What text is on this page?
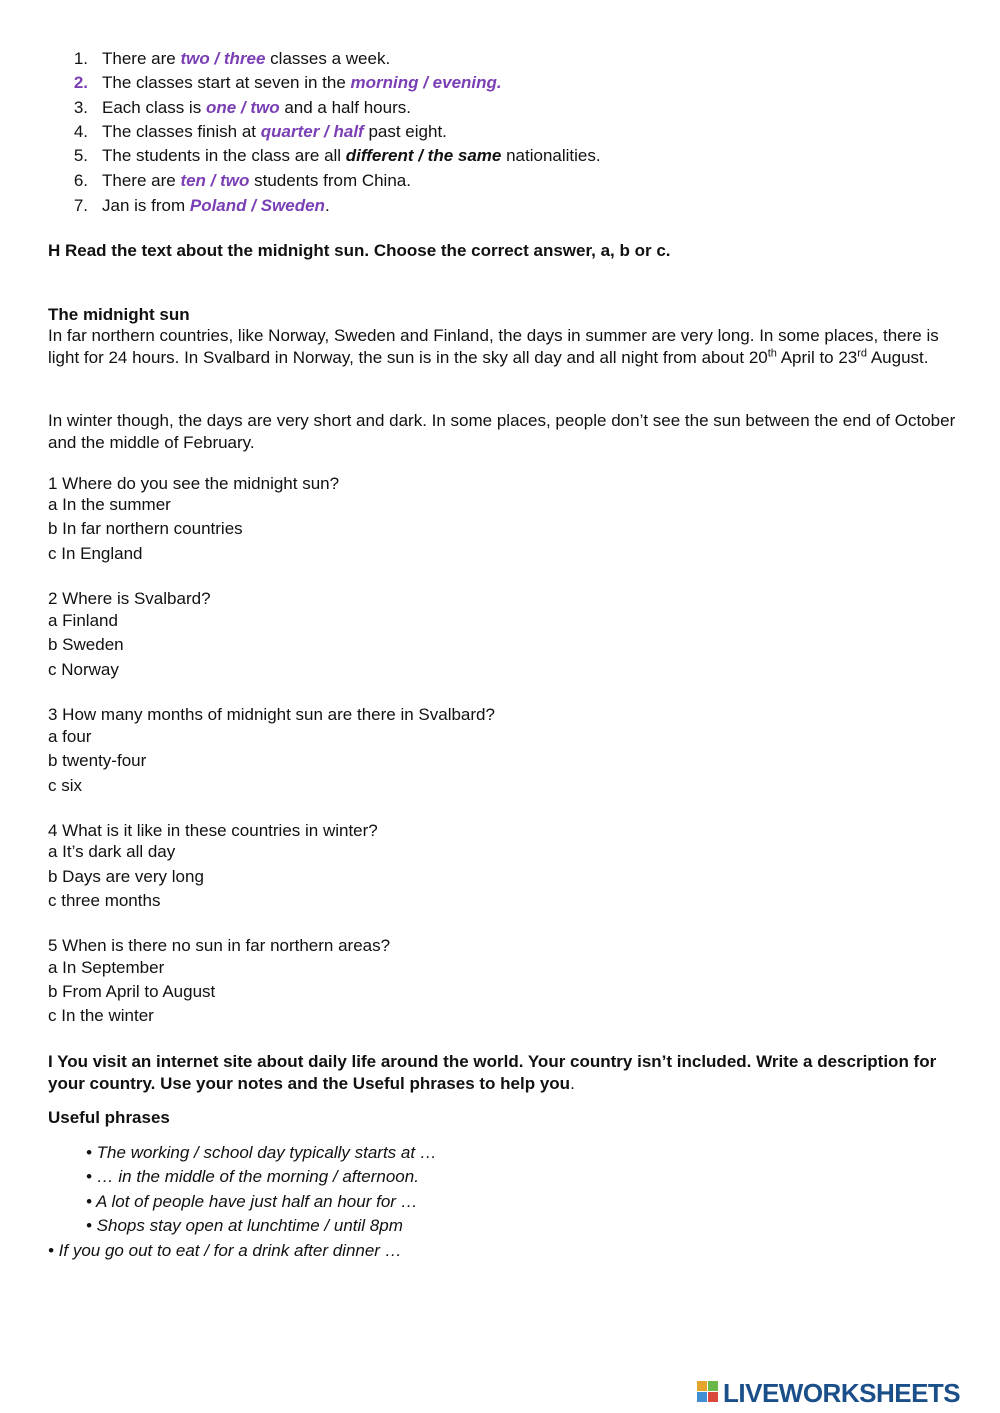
1. There are two / three classes a week.
2. The classes start at seven in the morning / evening.
3. Each class is one / two and a half hours.
4. The classes finish at quarter / half past eight.
5. The students in the class are all different / the same nationalities.
6. There are ten / two students from China.
7. Jan is from Poland / Sweden.
H Read the text about the midnight sun. Choose the correct answer, a, b or c.
The midnight sun
In far northern countries, like Norway, Sweden and Finland, the days in summer are very long. In some places, there is light for 24 hours. In Svalbard in Norway, the sun is in the sky all day and all night from about 20th April to 23rd August.
In winter though, the days are very short and dark. In some places, people don’t see the sun between the end of October and the middle of February.
1 Where do you see the midnight sun?
a In the summer
b In far northern countries
c In England
2 Where is Svalbard?
a Finland
b Sweden
c Norway
3 How many months of midnight sun are there in Svalbard?
a four
b twenty-four
c six
4 What is it like in these countries in winter?
a It’s dark all day
b Days are very long
c three months
5 When is there no sun in far northern areas?
a In September
b From April to August
c In the winter
I You visit an internet site about daily life around the world. Your country isn’t included. Write a description for your country. Use your notes and the Useful phrases to help you.
Useful phrases
• The working / school day typically starts at …
• … in the middle of the morning / afternoon.
• A lot of people have just half an hour for …
• Shops stay open at lunchtime / until 8pm
• If you go out to eat / for a drink after dinner …
LIVEWORKSHEETS
